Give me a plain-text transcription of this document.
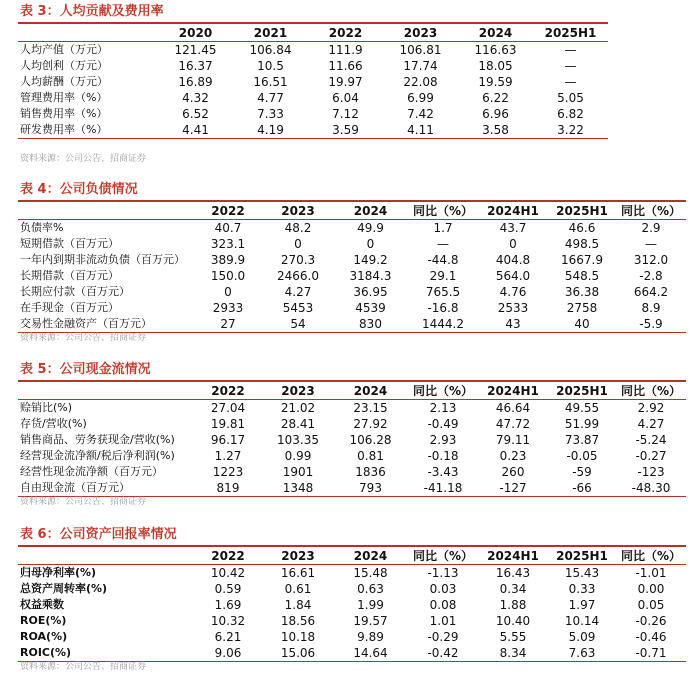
表 3：人均贡献及费用率
	2020	2021	2022	2023	2024	2025H1
人均产值（万元）	121.45	106.84	111.9	106.81	116.63	—
人均创利（万元）	16.37	10.5	11.66	17.74	18.05	—
人均薪酬（万元）	16.89	16.51	19.97	22.08	19.59	—
管理费用率（%）	4.32	4.77	6.04	6.99	6.22	5.05
销售费用率（%）	6.52	7.33	7.12	7.42	6.96	6.82
研发费用率（%）	4.41	4.19	3.59	4.11	3.58	3.22
资料来源：公司公告、招商证券
表 4：公司负债情况
	2022	2023	2024	同比（%）	2024H1	2025H1	同比（%）
负债率%	40.7	48.2	49.9	1.7	43.7	46.6	2.9
短期借款（百万元）	323.1	0	0	—	0	498.5	—
一年内到期非流动负债（百万元）	389.9	270.3	149.2	-44.8	404.8	1667.9	312.0
长期借款（百万元）	150.0	2466.0	3184.3	29.1	564.0	548.5	-2.8
长期应付款（百万元）	0	4.27	36.95	765.5	4.76	36.38	664.2
在手现金（百万元）	2933	5453	4539	-16.8	2533	2758	8.9
交易性金融资产（百万元）	27	54	830	1444.2	43	40	-5.9
资料来源：公司公告、招商证券
表 5：公司现金流情况
	2022	2023	2024	同比（%）	2024H1	2025H1	同比（%）
赊销比(%)	27.04	21.02	23.15	2.13	46.64	49.55	2.92
存货/营收(%)	19.81	28.41	27.92	-0.49	47.72	51.99	4.27
销售商品、劳务获现金/营收(%)	96.17	103.35	106.28	2.93	79.11	73.87	-5.24
经营现金流净额/税后净利润(%)	1.27	0.99	0.81	-0.18	0.23	-0.05	-0.27
经营性现金流净额（百万元）	1223	1901	1836	-3.43	260	-59	-123
自由现金流（百万元）	819	1348	793	-41.18	-127	-66	-48.30
资料来源：公司公告、招商证券
表 6：公司资产回报率情况
	2022	2023	2024	同比（%）	2024H1	2025H1	同比（%）
归母净利率(%)	10.42	16.61	15.48	-1.13	16.43	15.43	-1.01
总资产周转率(%)	0.59	0.61	0.63	0.03	0.34	0.33	0.00
权益乘数	1.69	1.84	1.99	0.08	1.88	1.97	0.05
ROE(%)	10.32	18.56	19.57	1.01	10.40	10.14	-0.26
ROA(%)	6.21	10.18	9.89	-0.29	5.55	5.09	-0.46
ROIC(%)	9.06	15.06	14.64	-0.42	8.34	7.63	-0.71
资料来源：公司公告、招商证券
